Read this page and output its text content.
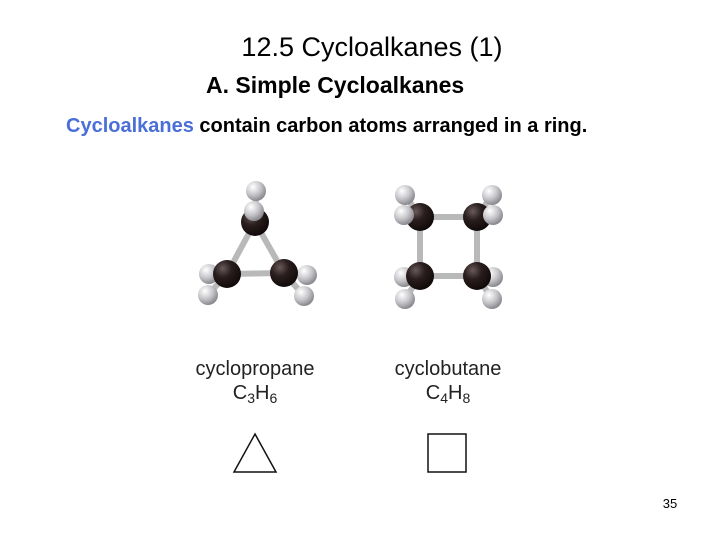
12.5 Cycloalkanes (1)
A. Simple Cycloalkanes
Cycloalkanes contain carbon atoms arranged in a ring.
cyclopropane
$C_3H_6$
cyclobutane
$C_4H_8$
35
